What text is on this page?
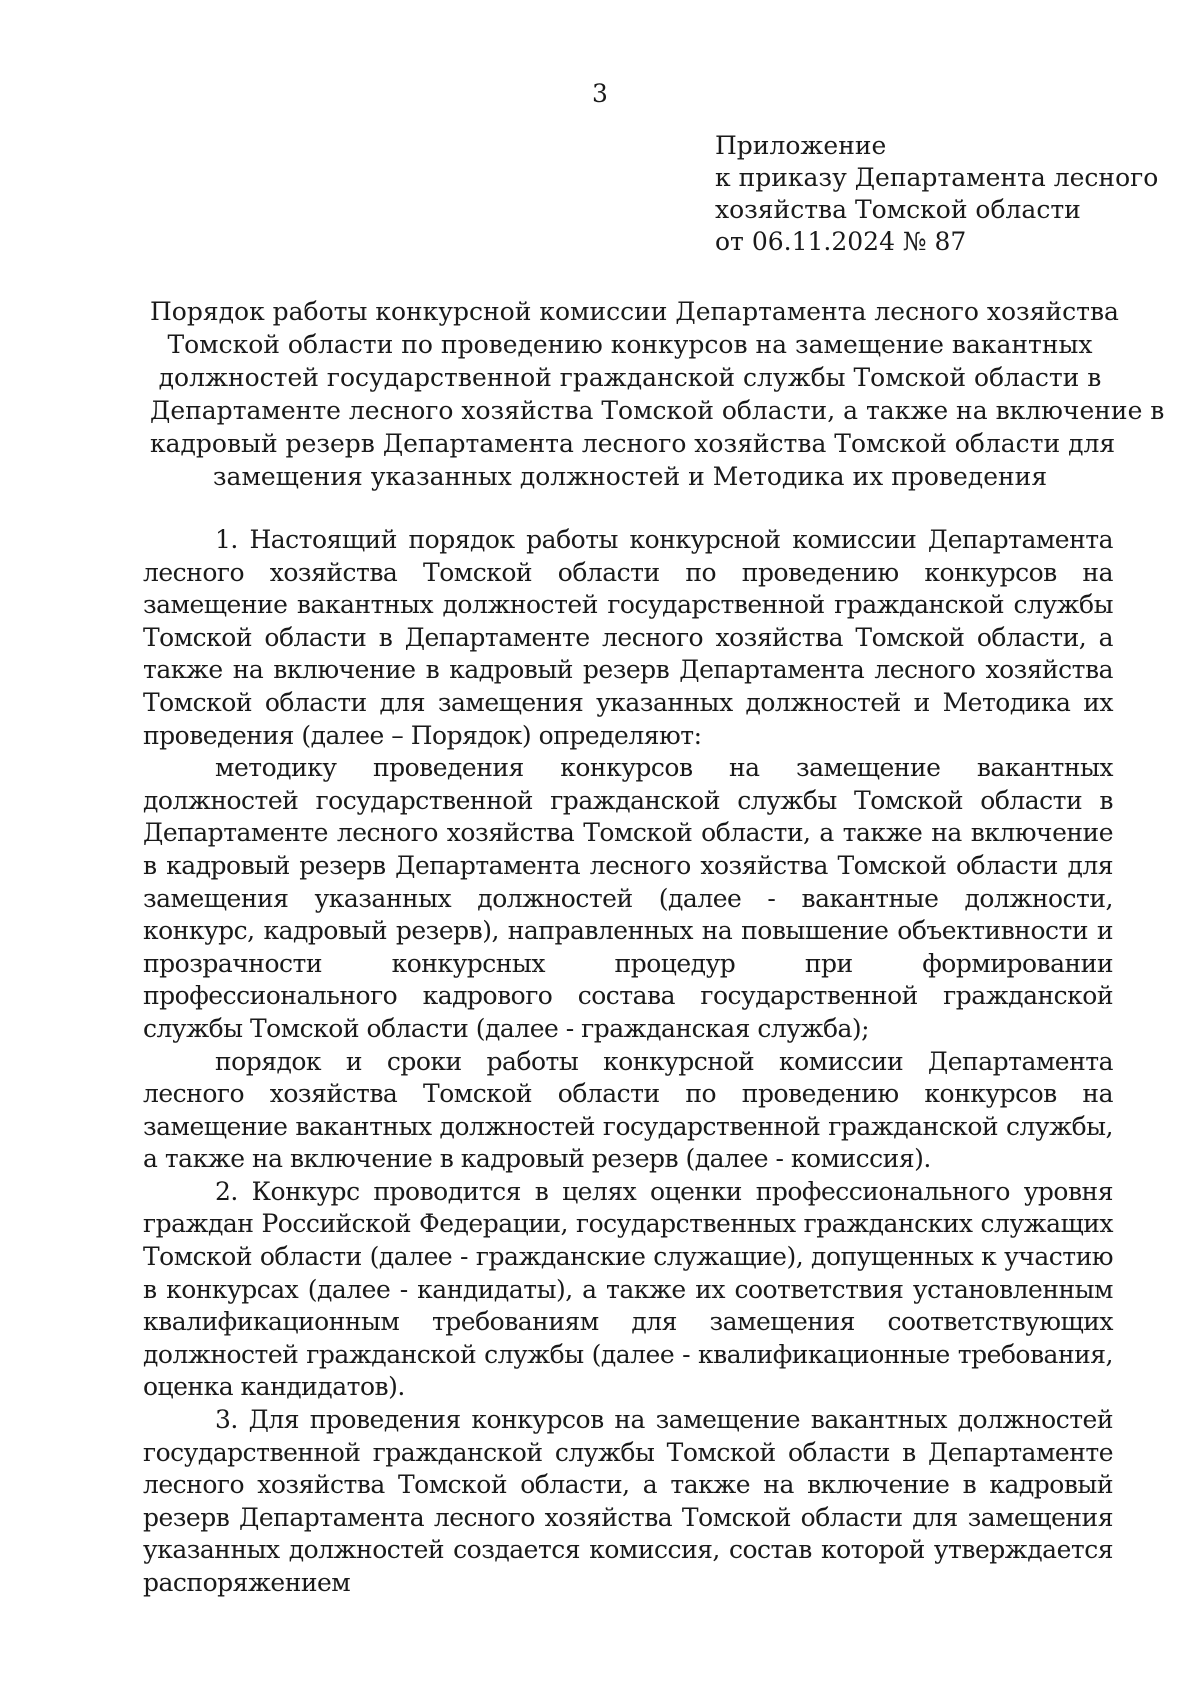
3
Приложение
к приказу Департамента лесного
хозяйства Томской области
от 06.11.2024 № 87
Порядок работы конкурсной комиссии Департамента лесного хозяйства
Томской области по проведению конкурсов на замещение вакантных
должностей государственной гражданской службы Томской области в
Департаменте лесного хозяйства Томской области, а также на включение в
кадровый резерв Департамента лесного хозяйства Томской области для
замещения указанных должностей и Методика их проведения

1. Настоящий порядок работы конкурсной комиссии Департамента лесного хозяйства Томской области по проведению конкурсов на замещение вакантных должностей государственной гражданской службы Томской области в Департаменте лесного хозяйства Томской области, а также на включение в кадровый резерв Департамента лесного хозяйства Томской области для замещения указанных должностей и Методика их проведения (далее – Порядок) определяют:

методику проведения конкурсов на замещение вакантных должностей государственной гражданской службы Томской области в Департаменте лесного хозяйства Томской области, а также на включение в кадровый резерв Департамента лесного хозяйства Томской области для замещения указанных должностей (далее - вакантные должности, конкурс, кадровый резерв), направленных на повышение объективности и прозрачности конкурсных процедур при формировании профессионального кадрового состава государственной гражданской службы Томской области (далее - гражданская служба);

порядок и сроки работы конкурсной комиссии Департамента лесного хозяйства Томской области по проведению конкурсов на замещение вакантных должностей государственной гражданской службы, а также на включение в кадровый резерв (далее - комиссия).

2. Конкурс проводится в целях оценки профессионального уровня граждан Российской Федерации, государственных гражданских служащих Томской области (далее - гражданские служащие), допущенных к участию в конкурсах (далее - кандидаты), а также их соответствия установленным квалификационным требованиям для замещения соответствующих должностей гражданской службы (далее - квалификационные требования, оценка кандидатов).

3. Для проведения конкурсов на замещение вакантных должностей государственной гражданской службы Томской области в Департаменте лесного хозяйства Томской области, а также на включение в кадровый резерв Департамента лесного хозяйства Томской области для замещения указанных должностей создается комиссия, состав которой утверждается распоряжением
